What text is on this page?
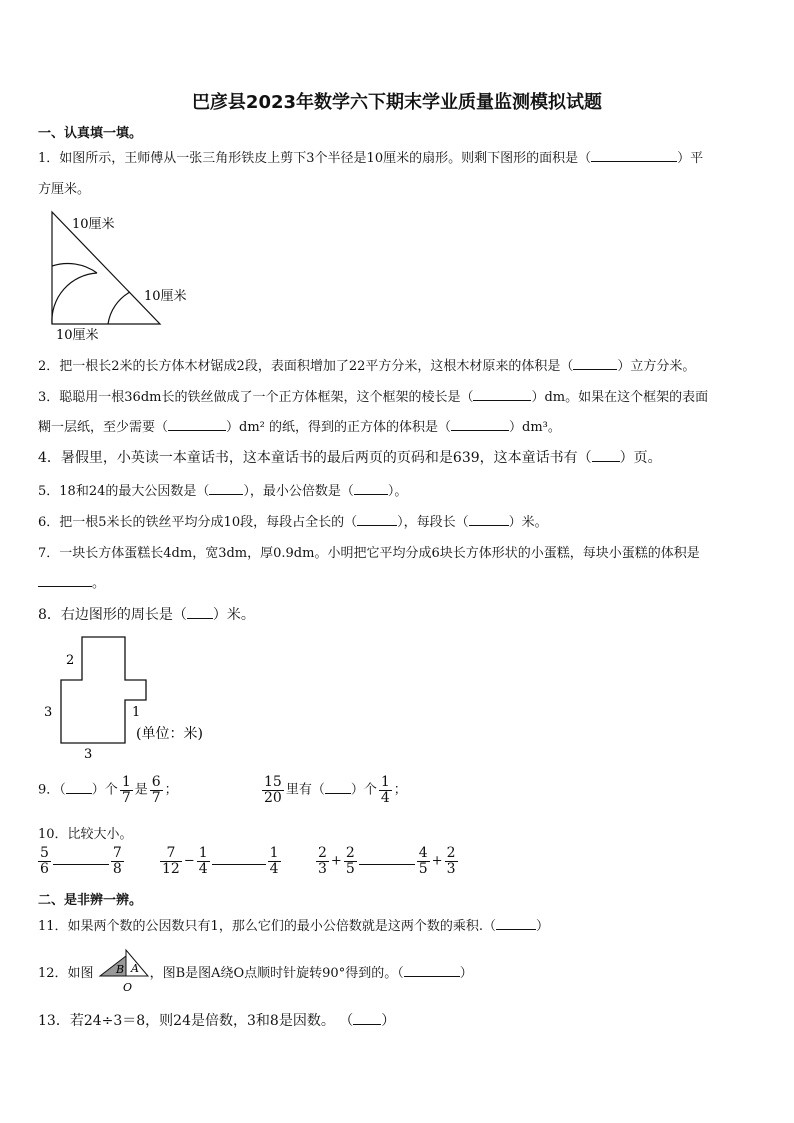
巴彦县2023年数学六下期末学业质量监测模拟试题
一、认真填一填。
1．如图所示，王师傅从一张三角形铁皮上剪下3个半径是10厘米的扇形。则剩下图形的面积是（	）平
方厘米。
10厘米
10厘米
10厘米
2．把一根长2米的长方体木材锯成2段，表面积增加了22平方分米，这根木材原来的体积是（	）立方分米。
3．聪聪用一根36dm长的铁丝做成了一个正方体框架，这个框架的棱长是（	）dm。如果在这个框架的表面
糊一层纸，至少需要（	）dm² 的纸，得到的正方体的体积是（	）dm³。
4．暑假里，小英读一本童话书，这本童话书的最后两页的页码和是639，这本童话书有（ ）页。
5．18和24的最大公因数是（	），最小公倍数是（	）。
6．把一根5米长的铁丝平均分成10段，每段占全长的（	），每段长（	）米。
7．一块长方体蛋糕长4dm，宽3dm，厚0.9dm。小明把它平均分成6块长方体形状的小蛋糕，每块小蛋糕的体积是
。
8．右边图形的周长是（ ）米。
2
3	1
3
(单位：米)
9．（ ）个 $\frac{1}{7}$ 是 $\frac{6}{7}$ ；	$\frac{15}{20}$ 里有（ ）个 $\frac{1}{4}$ ；
10．比较大小。
$\frac{5}{6}$	$\frac{7}{8}$	$\frac{7}{12} - \frac{1}{4}$	$\frac{1}{4}$	$\frac{2}{3} + \frac{2}{5}$	$\frac{4}{5} + \frac{2}{3}$
二、是非辨一辨。
11．如果两个数的公因数只有1，那么它们的最小公倍数就是这两个数的乘积.（	）
12．如图	，图B是图A绕O点顺时针旋转90°得到的。（	）
B A
O
13．若24÷3＝8，则24是倍数，3和8是因数。 （ ）
